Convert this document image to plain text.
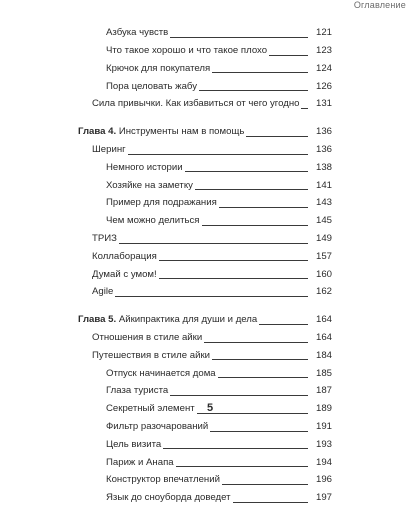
Оглавление
Азбука чувств	121
Что такое хорошо и что такое плохо	123
Крючок для покупателя	124
Пора целовать жабу	126
Сила привычки. Как избавиться от чего угодно	131
Глава 4. Инструменты нам в помощь	136
Шеринг	136
Немного истории	138
Хозяйке на заметку	141
Пример для подражания	143
Чем можно делиться	145
ТРИЗ	149
Коллаборация	157
Думай с умом!	160
Agile	162
Глава 5. Айкипрактика для души и дела	164
Отношения в стиле айки	164
Путешествия в стиле айки	184
Отпуск начинается дома	185
Глаза туриста	187
Секретный элемент	189
Фильтр разочарований	191
Цель визита	193
Париж и Анапа	194
Конструктор впечатлений	196
Язык до сноуборда доведет	197
5
